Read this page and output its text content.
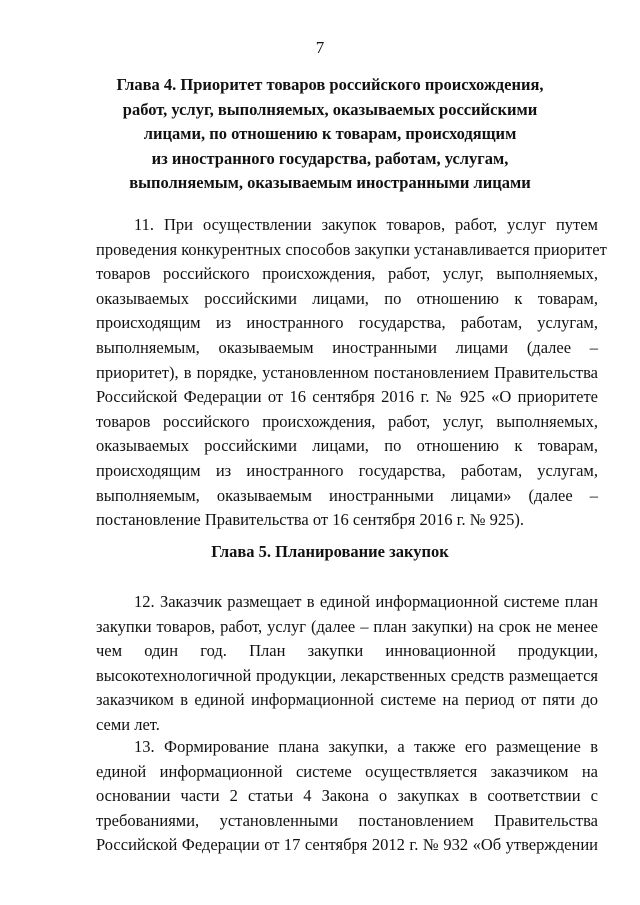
7
Глава 4. Приоритет товаров российского происхождения,
работ, услуг, выполняемых, оказываемых российскими
лицами, по отношению к товарам, происходящим
из иностранного государства, работам, услугам,
выполняемым, оказываемым иностранными лицами
11. При осуществлении закупок товаров, работ, услуг путем
проведения конкурентных способов закупки устанавливается приоритет
товаров российского происхождения, работ, услуг, выполняемых,
оказываемых российскими лицами, по отношению к товарам,
происходящим из иностранного государства, работам, услугам,
выполняемым, оказываемым иностранными лицами (далее –
приоритет), в порядке, установленном постановлением Правительства
Российской Федерации от 16 сентября 2016 г. № 925 «О приоритете
товаров российского происхождения, работ, услуг, выполняемых,
оказываемых российскими лицами, по отношению к товарам,
происходящим из иностранного государства, работам, услугам,
выполняемым, оказываемым иностранными лицами» (далее –
постановление Правительства от 16 сентября 2016 г. № 925).
Глава 5. Планирование закупок
12. Заказчик размещает в единой информационной системе план
закупки товаров, работ, услуг (далее – план закупки) на срок не менее
чем один год. План закупки инновационной продукции,
высокотехнологичной продукции, лекарственных средств размещается
заказчиком в единой информационной системе на период от пяти до
семи лет.
13. Формирование плана закупки, а также его размещение в
единой информационной системе осуществляется заказчиком на
основании части 2 статьи 4 Закона о закупках в соответствии с
требованиями, установленными постановлением Правительства
Российской Федерации от 17 сентября 2012 г. № 932 «Об утверждении
